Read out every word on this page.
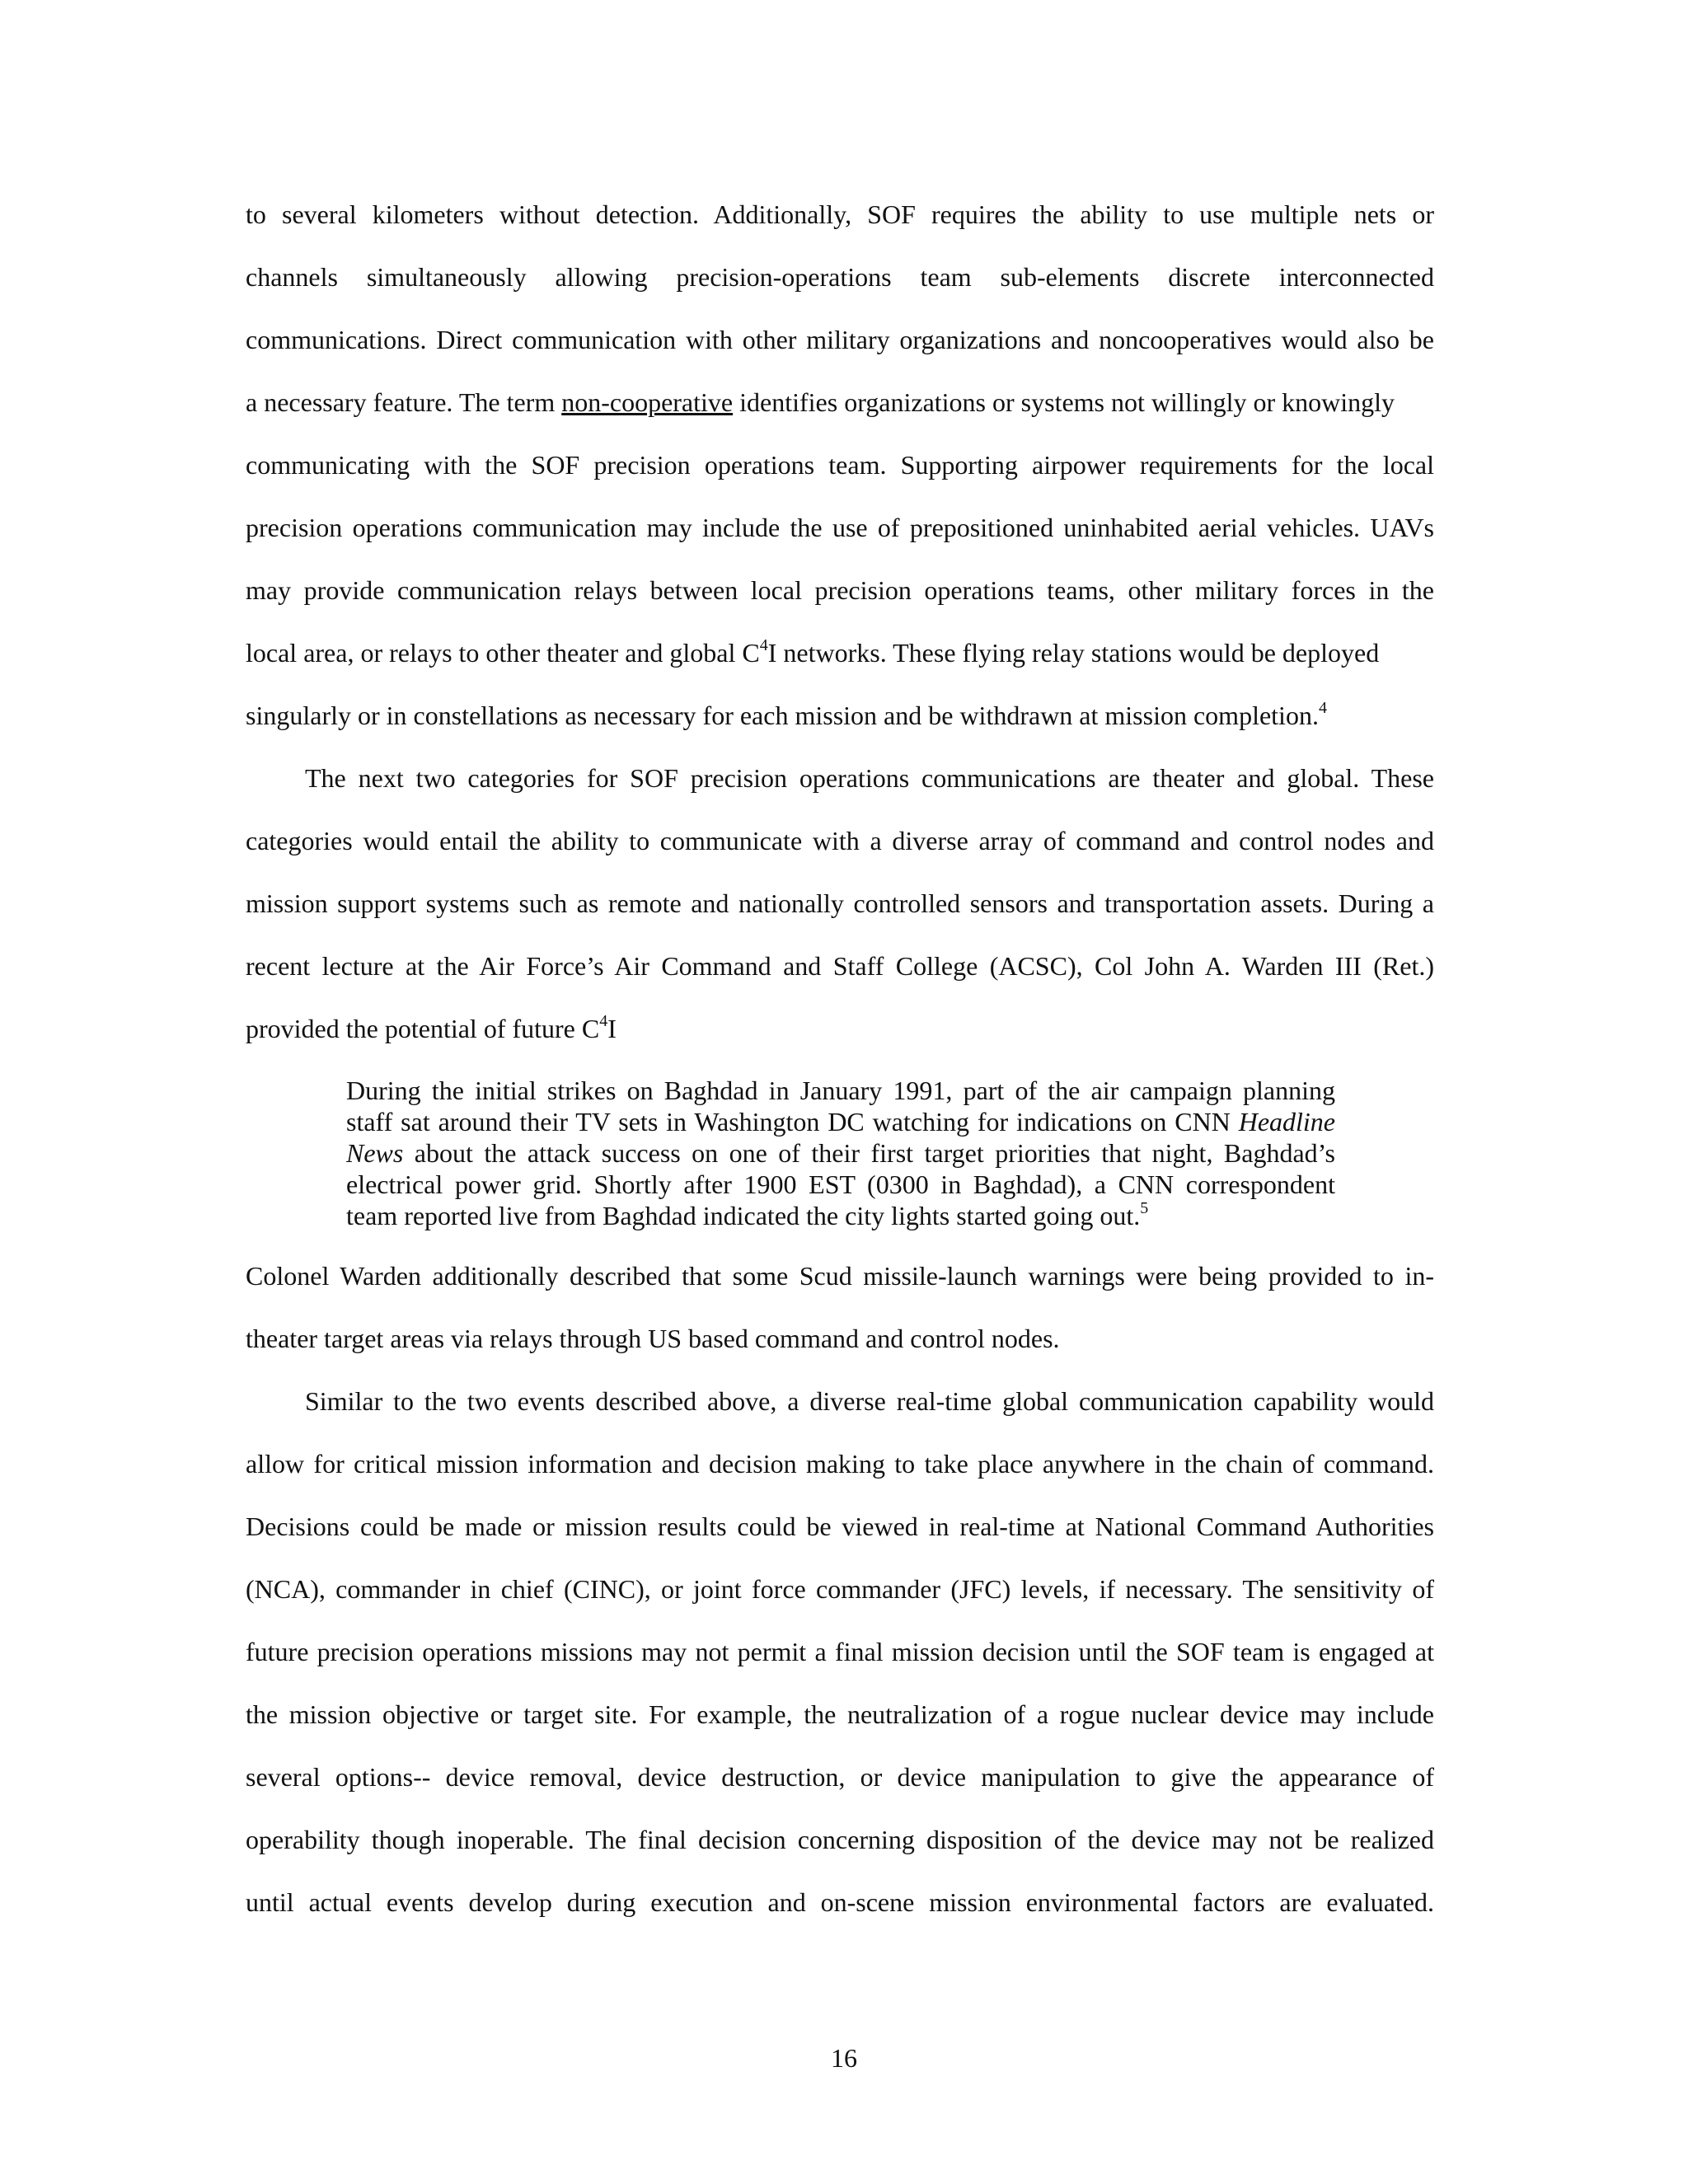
to several kilometers without detection. Additionally, SOF requires the ability to use multiple nets or
channels simultaneously allowing precision-operations team sub-elements discrete interconnected
communications. Direct communication with other military organizations and noncooperatives would also be
a necessary feature. The term non-cooperative identifies organizations or systems not willingly or knowingly
communicating with the SOF precision operations team. Supporting airpower requirements for the local
precision operations communication may include the use of prepositioned uninhabited aerial vehicles. UAVs
may provide communication relays between local precision operations teams, other military forces in the
local area, or relays to other theater and global $C^4I$ networks. These flying relay stations would be deployed
singularly or in constellations as necessary for each mission and be withdrawn at mission completion.$^4$
The next two categories for SOF precision operations communications are theater and global. These
categories would entail the ability to communicate with a diverse array of command and control nodes and
mission support systems such as remote and nationally controlled sensors and transportation assets. During a
recent lecture at the Air Force’s Air Command and Staff College (ACSC), Col John A. Warden III (Ret.)
provided the potential of future $C^4I$
During the initial strikes on Baghdad in January 1991, part of the air campaign planning
staff sat around their TV sets in Washington DC watching for indications on CNN Headline
News about the attack success on one of their first target priorities that night, Baghdad’s
electrical power grid. Shortly after 1900 EST (0300 in Baghdad), a CNN correspondent
team reported live from Baghdad indicated the city lights started going out.$^5$
Colonel Warden additionally described that some Scud missile-launch warnings were being provided to in-
theater target areas via relays through US based command and control nodes.
Similar to the two events described above, a diverse real-time global communication capability would
allow for critical mission information and decision making to take place anywhere in the chain of command.
Decisions could be made or mission results could be viewed in real-time at National Command Authorities
(NCA), commander in chief (CINC), or joint force commander (JFC) levels, if necessary. The sensitivity of
future precision operations missions may not permit a final mission decision until the SOF team is engaged at
the mission objective or target site. For example, the neutralization of a rogue nuclear device may include
several options-- device removal, device destruction, or device manipulation to give the appearance of
operability though inoperable. The final decision concerning disposition of the device may not be realized
until actual events develop during execution and on-scene mission environmental factors are evaluated.
16
